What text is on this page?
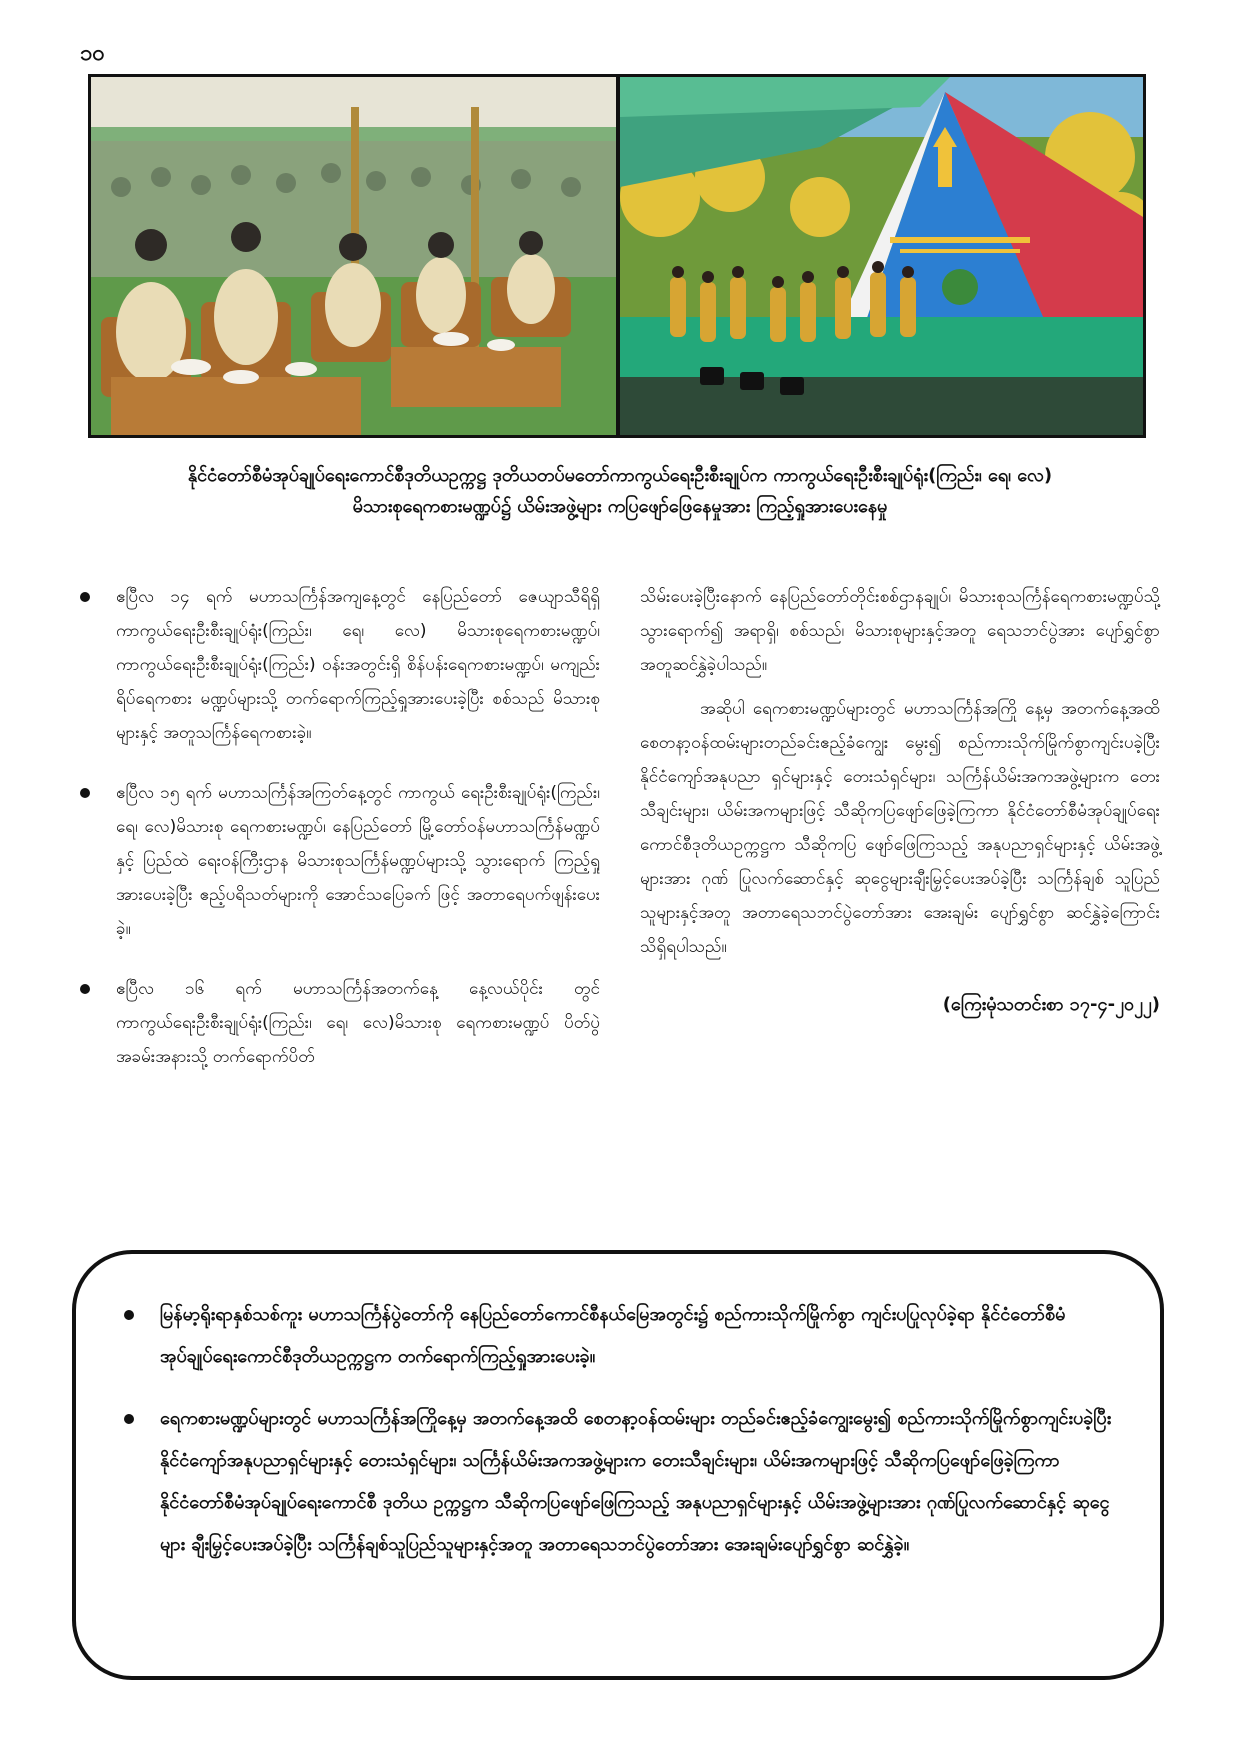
၁၀
နိုင်ငံတော်စီမံအုပ်ချုပ်ရေးကောင်စီဒုတိယဥက္ကဋ္ဌ ဒုတိယတပ်မတော်ကာကွယ်ရေးဦးစီးချုပ်က ကာကွယ်ရေးဦးစီးချုပ်ရုံး(ကြည်း၊ ရေ၊ လေ)
မိသားစုရေကစားမဏ္ဍပ်၌ ယိမ်းအဖွဲ့များ ကပြဖျော်ဖြေနေမှုအား ကြည့်ရှုအားပေးနေမှု
ဧပြီလ ၁၄ ရက် မဟာသင်္ကြန်အကျနေ့တွင် နေပြည်တော် ဇေယျာသီရိရှိ ကာကွယ်ရေးဦးစီးချုပ်ရုံး(ကြည်း၊ ရေ၊ လေ) မိသားစုရေကစားမဏ္ဍပ်၊ ကာကွယ်ရေးဦးစီးချုပ်ရုံး(ကြည်း) ဝန်းအတွင်းရှိ စိန်ပန်းရေကစားမဏ္ဍပ်၊ မကျည်းရိပ်ရေကစား မဏ္ဍပ်များသို့ တက်ရောက်ကြည့်ရှုအားပေးခဲ့ပြီး စစ်သည် မိသားစုများနှင့် အတူသင်္ကြန်ရေကစားခဲ့။
ဧပြီလ ၁၅ ရက် မဟာသင်္ကြန်အကြတ်နေ့တွင် ကာကွယ် ရေးဦးစီးချုပ်ရုံး(ကြည်း၊ ရေ၊ လေ)မိသားစု ရေကစားမဏ္ဍပ်၊ နေပြည်တော် မြို့တော်ဝန်မဟာသင်္ကြန်မဏ္ဍပ်နှင့် ပြည်ထဲ ရေးဝန်ကြီးဌာန မိသားစုသင်္ကြန်မဏ္ဍပ်များသို့ သွားရောက် ကြည့်ရှုအားပေးခဲ့ပြီး ဧည့်ပရိသတ်များကို အောင်သပြေခက် ဖြင့် အတာရေပက်ဖျန်းပေးခဲ့။
ဧပြီလ ၁၆ ရက် မဟာသင်္ကြန်အတက်နေ့ နေ့လယ်ပိုင်း တွင် ကာကွယ်ရေးဦးစီးချုပ်ရုံး(ကြည်း၊ ရေ၊ လေ)မိသားစု ရေကစားမဏ္ဍပ် ပိတ်ပွဲအခမ်းအနားသို့ တက်ရောက်ပိတ်

သိမ်းပေးခဲ့ပြီးနောက် နေပြည်တော်တိုင်းစစ်ဌာနချုပ်၊ မိသားစုသင်္ကြန်ရေကစားမဏ္ဍပ်သို့ သွားရောက်၍ အရာရှိ၊ စစ်သည်၊ မိသားစုများနှင့်အတူ ရေသဘင်ပွဲအား ပျော်ရွှင်စွာ အတူဆင်နွှဲခဲ့ပါသည်။

အဆိုပါ ရေကစားမဏ္ဍပ်များတွင် မဟာသင်္ကြန်အကြို နေ့မှ အတက်နေ့အထိ စေတနာ့ဝန်ထမ်းများတည်ခင်းဧည့်ခံကျွေး မွေး၍ စည်ကားသိုက်မြိုက်စွာကျင်းပခဲ့ပြီး နိုင်ငံကျော်အနုပညာ ရှင်များနှင့် တေးသံရှင်များ၊ သင်္ကြန်ယိမ်းအကအဖွဲ့များက တေး သီချင်းများ၊ ယိမ်းအကများဖြင့် သီဆိုကပြဖျော်ဖြေခဲ့ကြကာ နိုင်ငံတော်စီမံအုပ်ချုပ်ရေးကောင်စီဒုတိယဥက္ကဋ္ဌက သီဆိုကပြ ဖျော်ဖြေကြသည့် အနုပညာရှင်များနှင့် ယိမ်းအဖွဲ့များအား ဂုဏ် ပြုလက်ဆောင်နှင့် ဆုငွေများချီးမြှင့်ပေးအပ်ခဲ့ပြီး သင်္ကြန်ချစ် သူပြည်သူများနှင့်အတူ အတာရေသဘင်ပွဲတော်အား အေးချမ်း ပျော်ရွှင်စွာ ဆင်နွှဲခဲ့ကြောင်း သိရှိရပါသည်။

(ကြေးမုံသတင်းစာ ၁၇-၄-၂၀၂၂)
မြန်မာ့ရိုးရာနှစ်သစ်ကူး မဟာသင်္ကြန်ပွဲတော်ကို နေပြည်တော်ကောင်စီနယ်မြေအတွင်း၌ စည်ကားသိုက်မြိုက်စွာ ကျင်းပပြုလုပ်ခဲ့ရာ နိုင်ငံတော်စီမံအုပ်ချုပ်ရေးကောင်စီဒုတိယဥက္ကဋ္ဌက တက်ရောက်ကြည့်ရှုအားပေးခဲ့။
ရေကစားမဏ္ဍပ်များတွင် မဟာသင်္ကြန်အကြိုနေ့မှ အတက်နေ့အထိ စေတနာ့ဝန်ထမ်းများ တည်ခင်းဧည့်ခံကျွေးမွေး၍ စည်ကားသိုက်မြိုက်စွာကျင်းပခဲ့ပြီး နိုင်ငံကျော်အနုပညာရှင်များနှင့် တေးသံရှင်များ၊ သင်္ကြန်ယိမ်းအကအဖွဲ့များက တေးသီချင်းများ၊ ယိမ်းအကများဖြင့် သီဆိုကပြဖျော်ဖြေခဲ့ကြကာ နိုင်ငံတော်စီမံအုပ်ချုပ်ရေးကောင်စီ ဒုတိယ ဥက္ကဋ္ဌက သီဆိုကပြဖျော်ဖြေကြသည့် အနုပညာရှင်များနှင့် ယိမ်းအဖွဲ့များအား ဂုဏ်ပြုလက်ဆောင်နှင့် ဆုငွေများ ချီးမြှင့်ပေးအပ်ခဲ့ပြီး သင်္ကြန်ချစ်သူပြည်သူများနှင့်အတူ အတာရေသဘင်ပွဲတော်အား အေးချမ်းပျော်ရွှင်စွာ ဆင်နွှဲခဲ့။
